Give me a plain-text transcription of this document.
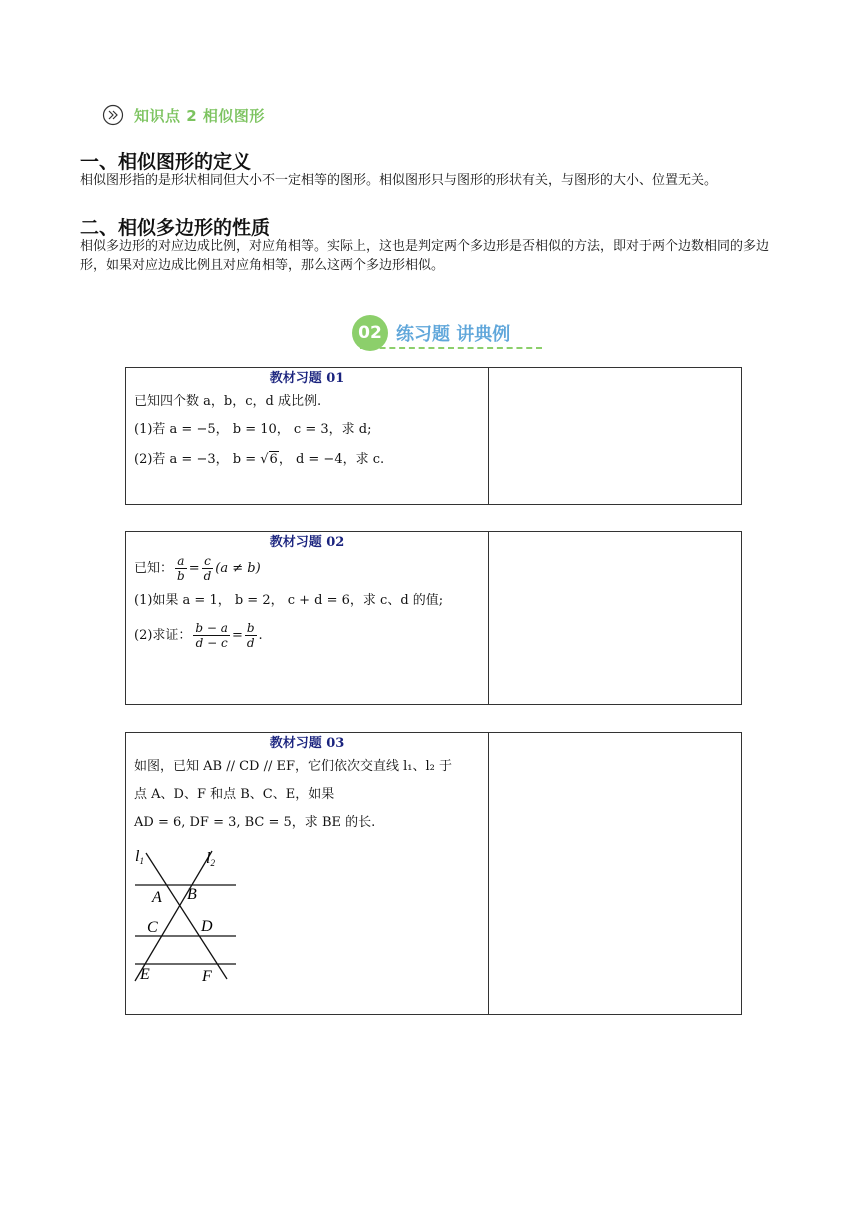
知识点 2 相似图形
一、相似图形的定义

相似图形指的是形状相同但大小不一定相等的图形。相似图形只与图形的形状有关，与图形的大小、位置无关。

二、相似多边形的性质

相似多边形的对应边成比例，对应角相等。实际上，这也是判定两个多边形是否相似的方法，即对于两个边数相同的多边形，如果对应边成比例且对应角相等，那么这两个多边形相似。

02 练习题 讲典例
教材习题 01
已知四个数 a，b，c，d 成比例.
(1)若 a = −5， b = 10， c = 3，求 d;
(2)若 a = −3， b = √6， d = −4，求 c.
教材习题 02
已知： $\frac{a}{b} = \frac{c}{d} (a \ne b)$
(1)如果 a = 1， b = 2， c + d = 6，求 c、d 的值;
(2)求证： $\frac{b - a}{d - c} = \frac{b}{d}$ .
教材习题 03
如图，已知 AB // CD // EF，它们依次交直线 l₁、l₂ 于
点 A、D、F 和点 B、C、E，如果
AD = 6, DF = 3, BC = 5，求 BE 的长.
l1	l2
A B
C	D
E	F
